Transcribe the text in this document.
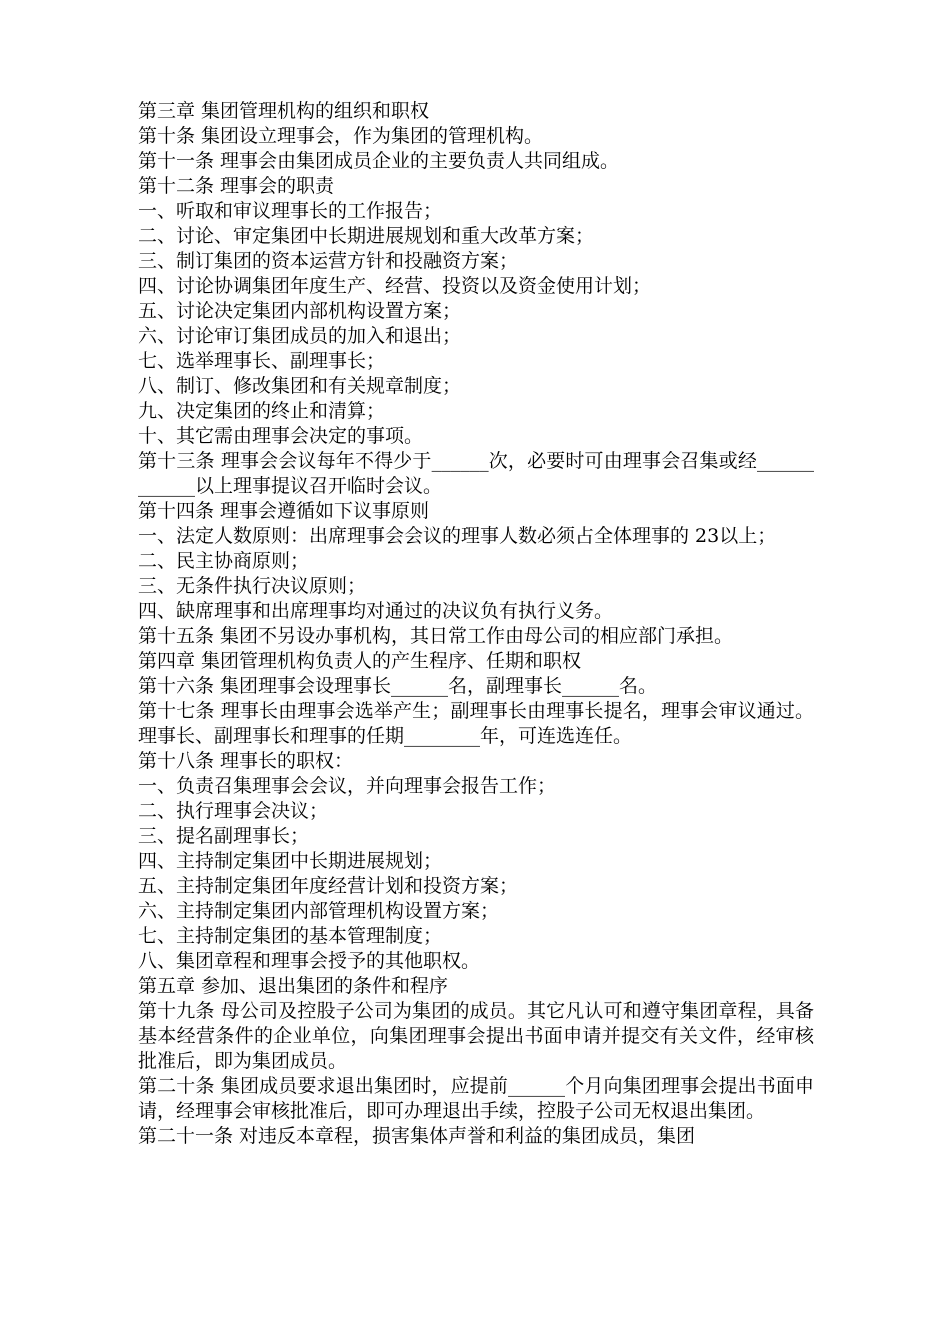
第三章 集团管理机构的组织和职权

第十条 集团设立理事会，作为集团的管理机构。

第十一条 理事会由集团成员企业的主要负责人共同组成。

第十二条 理事会的职责

一、听取和审议理事长的工作报告；

二、讨论、审定集团中长期进展规划和重大改革方案；

三、制订集团的资本运营方针和投融资方案；

四、讨论协调集团年度生产、经营、投资以及资金使用计划；

五、讨论决定集团内部机构设置方案；

六、讨论审订集团成员的加入和退出；

七、选举理事长、副理事长；

八、制订、修改集团和有关规章制度；

九、决定集团的终止和清算；

十、其它需由理事会决定的事项。

第十三条 理事会会议每年不得少于______次，必要时可由理事会召集或经____________以上理事提议召开临时会议。

第十四条 理事会遵循如下议事原则

一、法定人数原则：出席理事会会议的理事人数必须占全体理事的 23以上；

二、民主协商原则；

三、无条件执行决议原则；

四、缺席理事和出席理事均对通过的决议负有执行义务。

第十五条 集团不另设办事机构，其日常工作由母公司的相应部门承担。

第四章 集团管理机构负责人的产生程序、任期和职权

第十六条 集团理事会设理事长______名，副理事长______名。

第十七条 理事长由理事会选举产生；副理事长由理事长提名，理事会审议通过。理事长、副理事长和理事的任期________年，可连选连任。

第十八条 理事长的职权：

一、负责召集理事会会议，并向理事会报告工作；

二、执行理事会决议；

三、提名副理事长；

四、主持制定集团中长期进展规划；

五、主持制定集团年度经营计划和投资方案；

六、主持制定集团内部管理机构设置方案；

七、主持制定集团的基本管理制度；

八、集团章程和理事会授予的其他职权。

第五章 参加、退出集团的条件和程序

第十九条 母公司及控股子公司为集团的成员。其它凡认可和遵守集团章程，具备基本经营条件的企业单位，向集团理事会提出书面申请并提交有关文件，经审核批准后，即为集团成员。

第二十条 集团成员要求退出集团时，应提前______个月向集团理事会提出书面申请，经理事会审核批准后，即可办理退出手续，控股子公司无权退出集团。

第二十一条 对违反本章程，损害集体声誉和利益的集团成员，集团
